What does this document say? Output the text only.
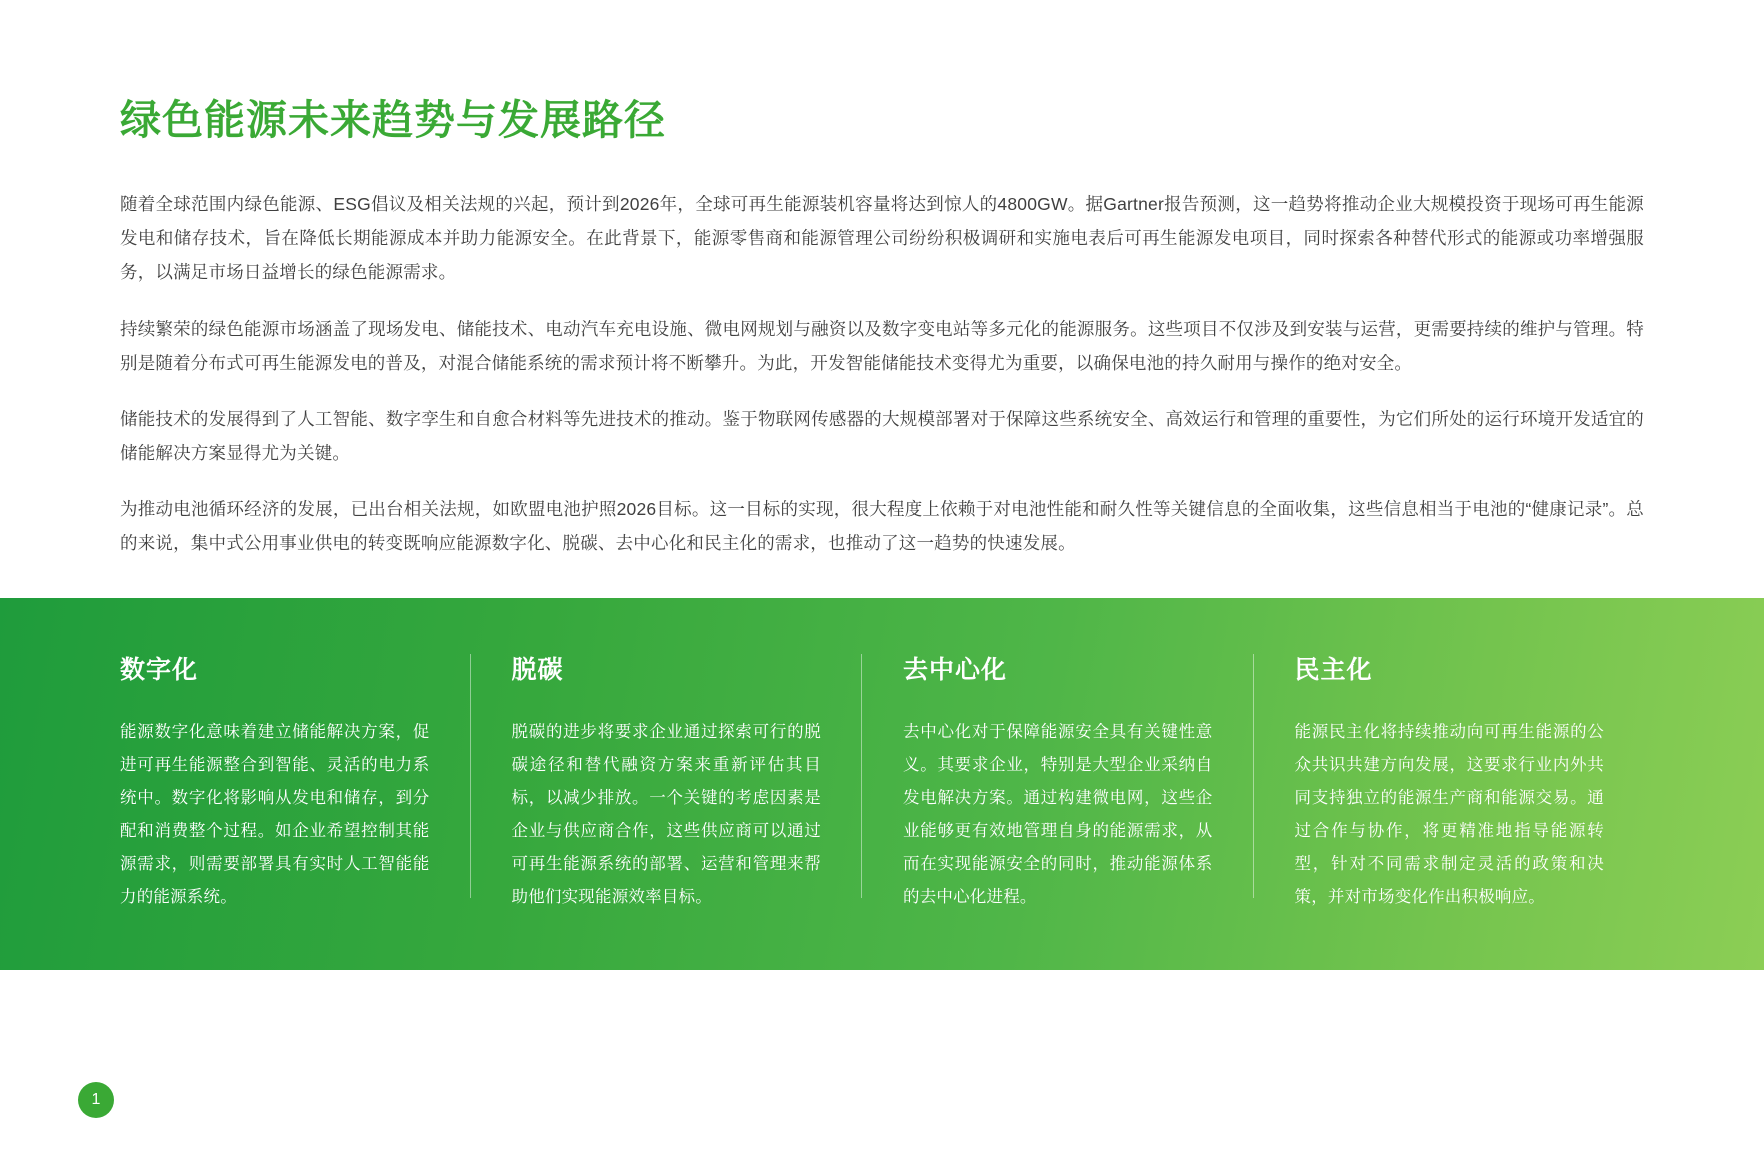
绿色能源未来趋势与发展路径

随着全球范围内绿色能源、ESG倡议及相关法规的兴起，预计到2026年，全球可再生能源装机容量将达到惊人的4800GW。据Gartner报告预测，这一趋势将推动企业大规模投资于现场可再生能源发电和储存技术，旨在降低长期能源成本并助力能源安全。在此背景下，能源零售商和能源管理公司纷纷积极调研和实施电表后可再生能源发电项目，同时探索各种替代形式的能源或功率增强服务，以满足市场日益增长的绿色能源需求。

持续繁荣的绿色能源市场涵盖了现场发电、储能技术、电动汽车充电设施、微电网规划与融资以及数字变电站等多元化的能源服务。这些项目不仅涉及到安装与运营，更需要持续的维护与管理。特别是随着分布式可再生能源发电的普及，对混合储能系统的需求预计将不断攀升。为此，开发智能储能技术变得尤为重要，以确保电池的持久耐用与操作的绝对安全。

储能技术的发展得到了人工智能、数字孪生和自愈合材料等先进技术的推动。鉴于物联网传感器的大规模部署对于保障这些系统安全、高效运行和管理的重要性，为它们所处的运行环境开发适宜的储能解决方案显得尤为关键。

为推动电池循环经济的发展，已出台相关法规，如欧盟电池护照2026目标。这一目标的实现，很大程度上依赖于对电池性能和耐久性等关键信息的全面收集，这些信息相当于电池的“健康记录”。总的来说，集中式公用事业供电的转变既响应能源数字化、脱碳、去中心化和民主化的需求，也推动了这一趋势的快速发展。

数字化

能源数字化意味着建立储能解决方案，促进可再生能源整合到智能、灵活的电力系统中。数字化将影响从发电和储存，到分配和消费整个过程。如企业希望控制其能源需求，则需要部署具有实时人工智能能力的能源系统。

脱碳

脱碳的进步将要求企业通过探索可行的脱碳途径和替代融资方案来重新评估其目标，以减少排放。一个关键的考虑因素是企业与供应商合作，这些供应商可以通过可再生能源系统的部署、运营和管理来帮助他们实现能源效率目标。

去中心化

去中心化对于保障能源安全具有关键性意义。其要求企业，特别是大型企业采纳自发电解决方案。通过构建微电网，这些企业能够更有效地管理自身的能源需求，从而在实现能源安全的同时，推动能源体系的去中心化进程。

民主化

能源民主化将持续推动向可再生能源的公众共识共建方向发展，这要求行业内外共同支持独立的能源生产商和能源交易。通过合作与协作，将更精准地指导能源转型，针对不同需求制定灵活的政策和决策，并对市场变化作出积极响应。

1
